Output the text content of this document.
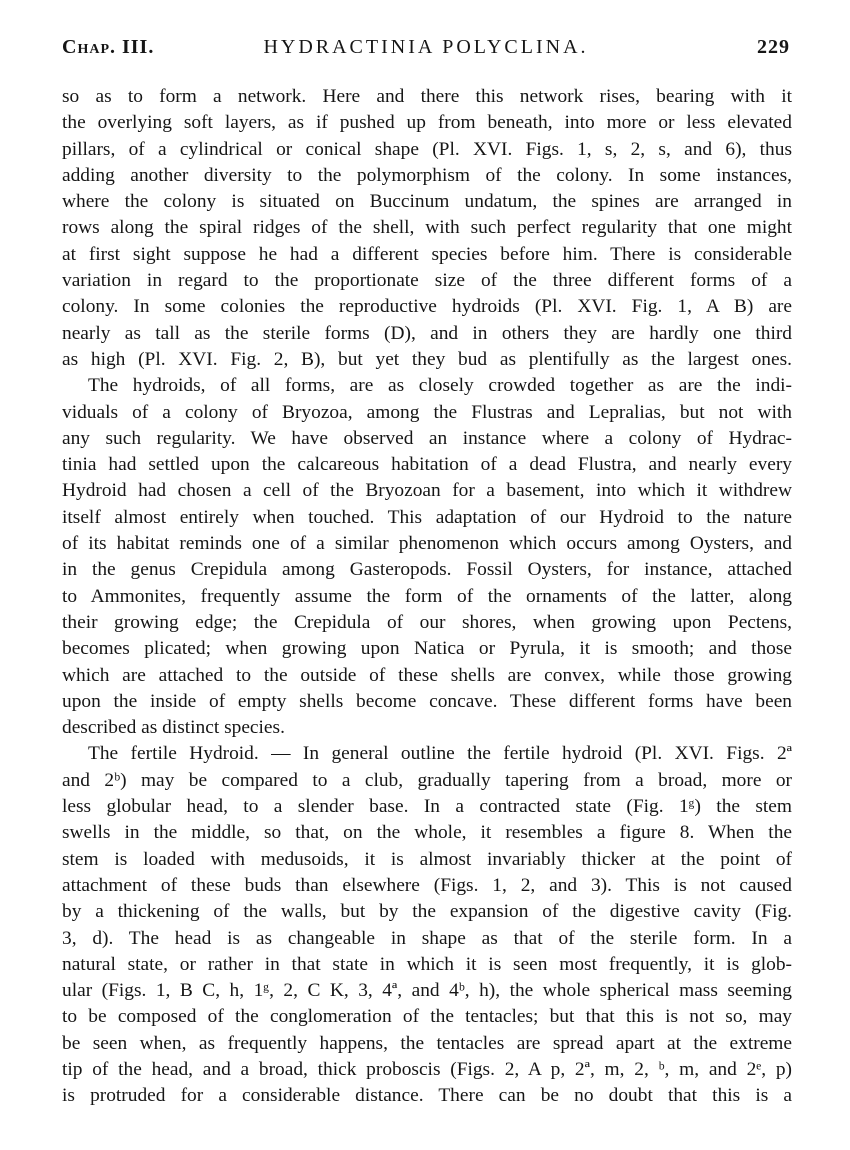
Chap. III.	HYDRACTINIA POLYCLINA.	229
so as to form a network. Here and there this network rises, bearing with it
the overlying soft layers, as if pushed up from beneath, into more or less elevated
pillars, of a cylindrical or conical shape (Pl. XVI. Figs. 1, s, 2, s, and 6), thus
adding another diversity to the polymorphism of the colony. In some instances,
where the colony is situated on Buccinum undatum, the spines are arranged in
rows along the spiral ridges of the shell, with such perfect regularity that one might
at first sight suppose he had a different species before him. There is considerable
variation in regard to the proportionate size of the three different forms of a
colony. In some colonies the reproductive hydroids (Pl. XVI. Fig. 1, A B) are
nearly as tall as the sterile forms (D), and in others they are hardly one third
as high (Pl. XVI. Fig. 2, B), but yet they bud as plentifully as the largest ones.
The hydroids, of all forms, are as closely crowded together as are the indi-
viduals of a colony of Bryozoa, among the Flustras and Lepralias, but not with
any such regularity. We have observed an instance where a colony of Hydrac-
tinia had settled upon the calcareous habitation of a dead Flustra, and nearly every
Hydroid had chosen a cell of the Bryozoan for a basement, into which it withdrew
itself almost entirely when touched. This adaptation of our Hydroid to the nature
of its habitat reminds one of a similar phenomenon which occurs among Oysters, and
in the genus Crepidula among Gasteropods. Fossil Oysters, for instance, attached
to Ammonites, frequently assume the form of the ornaments of the latter, along
their growing edge; the Crepidula of our shores, when growing upon Pectens,
becomes plicated; when growing upon Natica or Pyrula, it is smooth; and those
which are attached to the outside of these shells are convex, while those growing
upon the inside of empty shells become concave. These different forms have been
described as distinct species.
The fertile Hydroid. — In general outline the fertile hydroid (Pl. XVI. Figs. 2ª
and 2ᵇ) may be compared to a club, gradually tapering from a broad, more or
less globular head, to a slender base. In a contracted state (Fig. 1ᵍ) the stem
swells in the middle, so that, on the whole, it resembles a figure 8. When the
stem is loaded with medusoids, it is almost invariably thicker at the point of
attachment of these buds than elsewhere (Figs. 1, 2, and 3). This is not caused
by a thickening of the walls, but by the expansion of the digestive cavity (Fig.
3, d). The head is as changeable in shape as that of the sterile form. In a
natural state, or rather in that state in which it is seen most frequently, it is glob-
ular (Figs. 1, B C, h, 1ᵍ, 2, C K, 3, 4ª, and 4ᵇ, h), the whole spherical mass seeming
to be composed of the conglomeration of the tentacles; but that this is not so, may
be seen when, as frequently happens, the tentacles are spread apart at the extreme
tip of the head, and a broad, thick proboscis (Figs. 2, A p, 2ª, m, 2, ᵇ, m, and 2ᵉ, p)
is protruded for a considerable distance. There can be no doubt that this is a
